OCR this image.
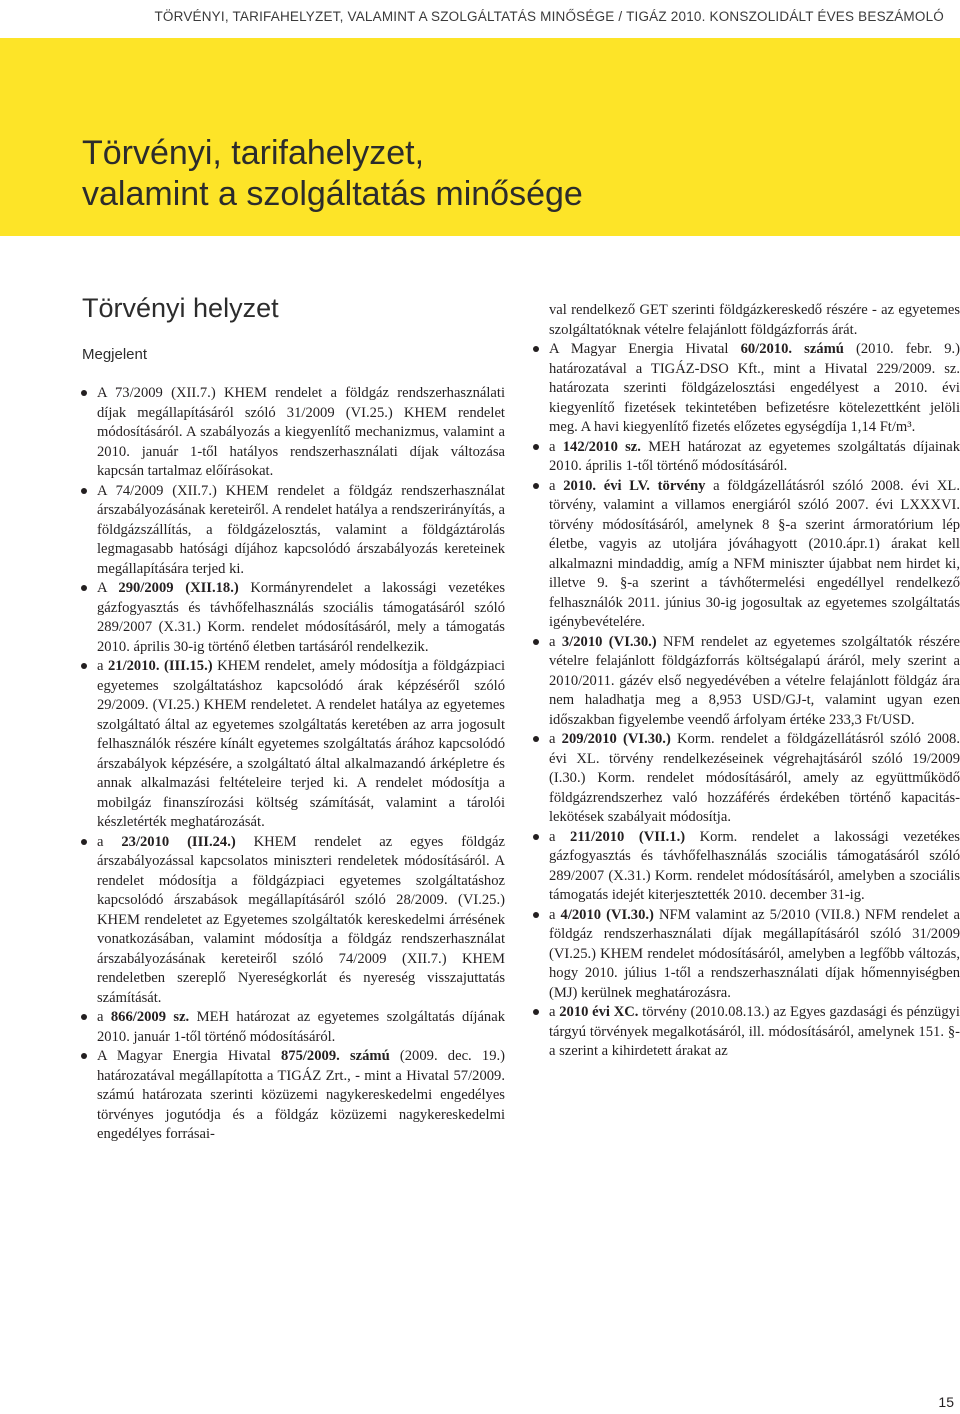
TÖRVÉNYI, TARIFAHELYZET, VALAMINT A SZOLGÁLTATÁS MINŐSÉGE / TIGÁZ 2010. KONSZOLIDÁLT ÉVES BESZÁMOLÓ
Törvényi, tarifahelyzet,
valamint a szolgáltatás minősége
Törvényi helyzet
Megjelent

A 73/2009 (XII.7.) KHEM rendelet a földgáz rendszerhasználati díjak megállapításáról szóló 31/2009 (VI.25.) KHEM rendelet módosításáról. A szabályozás a kiegyenlítő mechanizmus, valamint a 2010. január 1-től hatályos rendszerhasználati díjak változása kapcsán tartalmaz előírásokat.

A 74/2009 (XII.7.) KHEM rendelet a földgáz rendszerhasználat árszabályozásának kereteiről. A rendelet hatálya a rendszerirányítás, a földgázszállítás, a földgázelosztás, valamint a földgáztárolás legmagasabb hatósági díjához kapcsolódó árszabályozás kereteinek megállapítására terjed ki.

A 290/2009 (XII.18.) Kormányrendelet a lakossági vezetékes gázfogyasztás és távhőfelhasználás szociális támogatásáról szóló 289/2007 (X.31.) Korm. rendelet módosításáról, mely a támogatás 2010. április 30-ig történő életben tartásáról rendelkezik.

a 21/2010. (III.15.) KHEM rendelet, amely módosítja a földgázpiaci egyetemes szolgáltatáshoz kapcsolódó árak képzéséről szóló 29/2009. (VI.25.) KHEM rendeletet. A rendelet hatálya az egyetemes szolgáltató által az egyetemes szolgáltatás keretében az arra jogosult felhasználók részére kínált egyetemes szolgáltatás árához kapcsolódó árszabályok képzésére, a szolgáltató által alkalmazandó árképletre és annak alkalmazási feltételeire terjed ki. A rendelet módosítja a mobilgáz finanszírozási költség számítását, valamint a tárolói készletérték meghatározását.

a 23/2010 (III.24.) KHEM rendelet az egyes földgáz árszabályozással kapcsolatos miniszteri rendeletek módosításáról. A rendelet módosítja a földgázpiaci egyetemes szolgáltatáshoz kapcsolódó árszabások megállapításáról szóló 28/2009. (VI.25.) KHEM rendeletet az Egyetemes szolgáltatók kereskedelmi árrésének vonatkozásában, valamint módosítja a földgáz rendszerhasználat árszabályozásának kereteiről szóló 74/2009 (XII.7.) KHEM rendeletben szereplő Nyereségkorlát és nyereség visszajuttatás számítását.

a 866/2009 sz. MEH határozat az egyetemes szolgáltatás díjának 2010. január 1-től történő módosításáról.

A Magyar Energia Hivatal 875/2009. számú (2009. dec. 19.) határozatával megállapította a TIGÁZ Zrt., - mint a Hivatal 57/2009. számú határozata szerinti közüzemi nagykereskedelmi engedélyes törvényes jogutódja és a földgáz közüzemi nagykereskedelmi engedélyes forrásai-

val rendelkező GET szerinti földgázkereskedő részére - az egyetemes szolgáltatóknak vételre felajánlott földgázforrás árát.

A Magyar Energia Hivatal 60/2010. számú (2010. febr. 9.) határozatával a TIGÁZ-DSO Kft., mint a Hivatal 229/2009. sz. határozata szerinti földgázelosztási engedélyest a 2010. évi kiegyenlítő fizetések tekintetében befizetésre kötelezettként jelöli meg. A havi kiegyenlítő fizetés előzetes egységdíja 1,14 Ft/m³.

a 142/2010 sz. MEH határozat az egyetemes szolgáltatás díjainak 2010. április 1-től történő módosításáról.

a 2010. évi LV. törvény a földgázellátásról szóló 2008. évi XL. törvény, valamint a villamos energiáról szóló 2007. évi LXXXVI. törvény módosításáról, amelynek 8 §-a szerint ármoratórium lép életbe, vagyis az utoljára jóváhagyott (2010.ápr.1) árakat kell alkalmazni mindaddig, amíg a NFM miniszter újabbat nem hirdet ki, illetve 9. §-a szerint a távhőtermelési engedéllyel rendelkező felhasználók 2011. június 30-ig jogosultak az egyetemes szolgáltatás igénybevételére.

a 3/2010 (VI.30.) NFM rendelet az egyetemes szolgáltatók részére vételre felajánlott földgázforrás költségalapú áráról, mely szerint a 2010/2011. gázév első negyedévében a vételre felajánlott földgáz ára nem haladhatja meg a 8,953 USD/GJ-t, valamint ugyan ezen időszakban figyelembe veendő árfolyam értéke 233,3 Ft/USD.

a 209/2010 (VI.30.) Korm. rendelet a földgázellátásról szóló 2008. évi XL. törvény rendelkezéseinek végrehajtásáról szóló 19/2009 (I.30.) Korm. rendelet módosításáról, amely az együttműködő földgázrendszerhez való hozzáférés érdekében történő kapacitás-lekötések szabályait módosítja.

a 211/2010 (VII.1.) Korm. rendelet a lakossági vezetékes gázfogyasztás és távhőfelhasználás szociális támogatásáról szóló 289/2007 (X.31.) Korm. rendelet módosításáról, amelyben a szociális támogatás idejét kiterjesztették 2010. december 31-ig.

a 4/2010 (VI.30.) NFM valamint az 5/2010 (VII.8.) NFM rendelet a földgáz rendszerhasználati díjak megállapításáról szóló 31/2009 (VI.25.) KHEM rendelet módosításáról, amelyben a legfőbb változás, hogy 2010. július 1-től a rendszerhasználati díjak hőmennyiségben (MJ) kerülnek meghatározásra.

a 2010 évi XC. törvény (2010.08.13.) az Egyes gazdasági és pénzügyi tárgyú törvények megalkotásáról, ill. módosításáról, amelynek 151. §-a szerint a kihirdetett árakat az

15
